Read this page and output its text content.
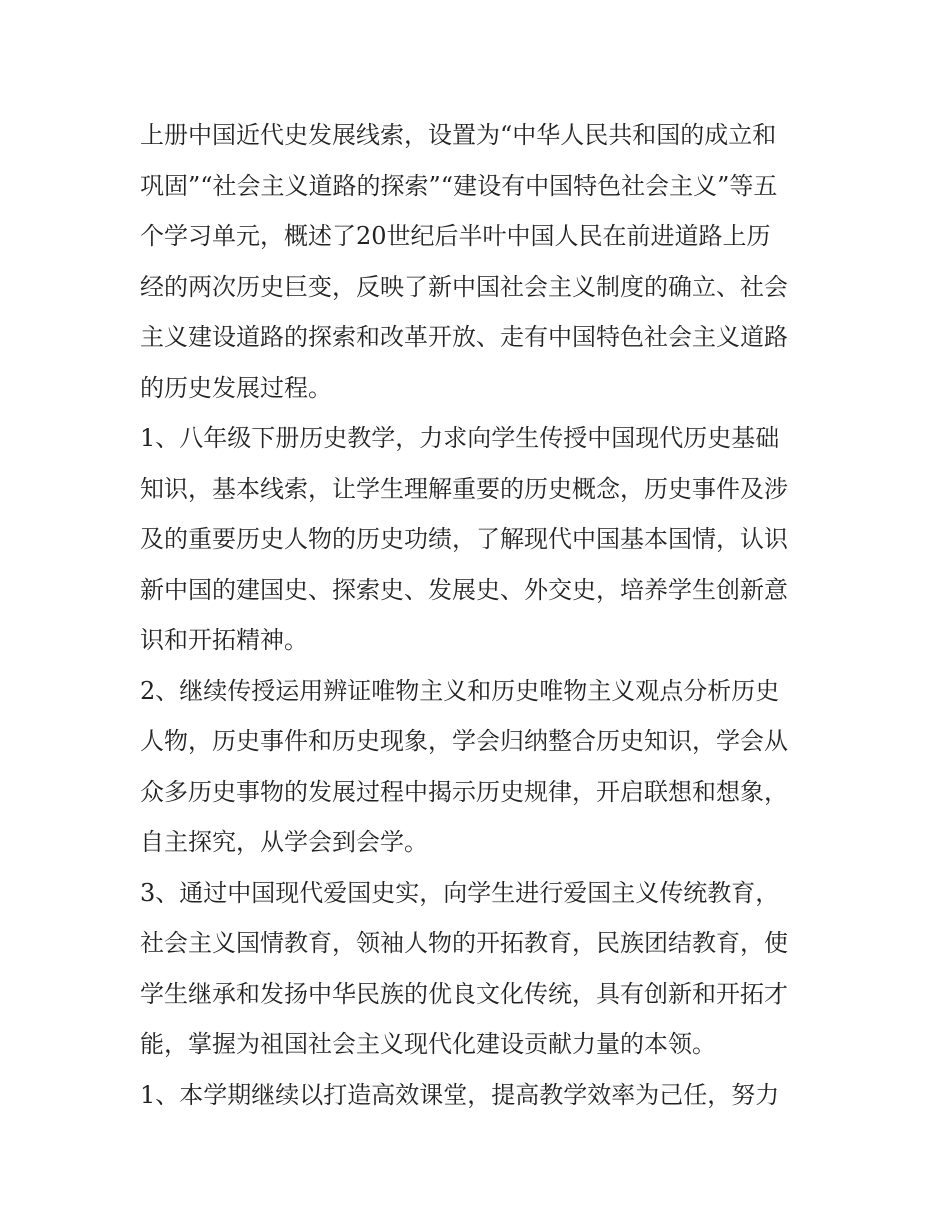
上册中国近代史发展线索，设置为“中华人民共和国的成立和
巩固”“社会主义道路的探索”“建设有中国特色社会主义”等五
个学习单元，概述了20世纪后半叶中国人民在前进道路上历
经的两次历史巨变，反映了新中国社会主义制度的确立、社会
主义建设道路的探索和改革开放、走有中国特色社会主义道路
的历史发展过程。
1、八年级下册历史教学，力求向学生传授中国现代历史基础
知识，基本线索，让学生理解重要的历史概念，历史事件及涉
及的重要历史人物的历史功绩，了解现代中国基本国情，认识
新中国的建国史、探索史、发展史、外交史，培养学生创新意
识和开拓精神。
2、继续传授运用辨证唯物主义和历史唯物主义观点分析历史
人物，历史事件和历史现象，学会归纳整合历史知识，学会从
众多历史事物的发展过程中揭示历史规律，开启联想和想象，
自主探究，从学会到会学。
3、通过中国现代爱国史实，向学生进行爱国主义传统教育，
社会主义国情教育，领袖人物的开拓教育，民族团结教育，使
学生继承和发扬中华民族的优良文化传统，具有创新和开拓才
能，掌握为祖国社会主义现代化建设贡献力量的本领。
1、本学期继续以打造高效课堂，提高教学效率为己任，努力
